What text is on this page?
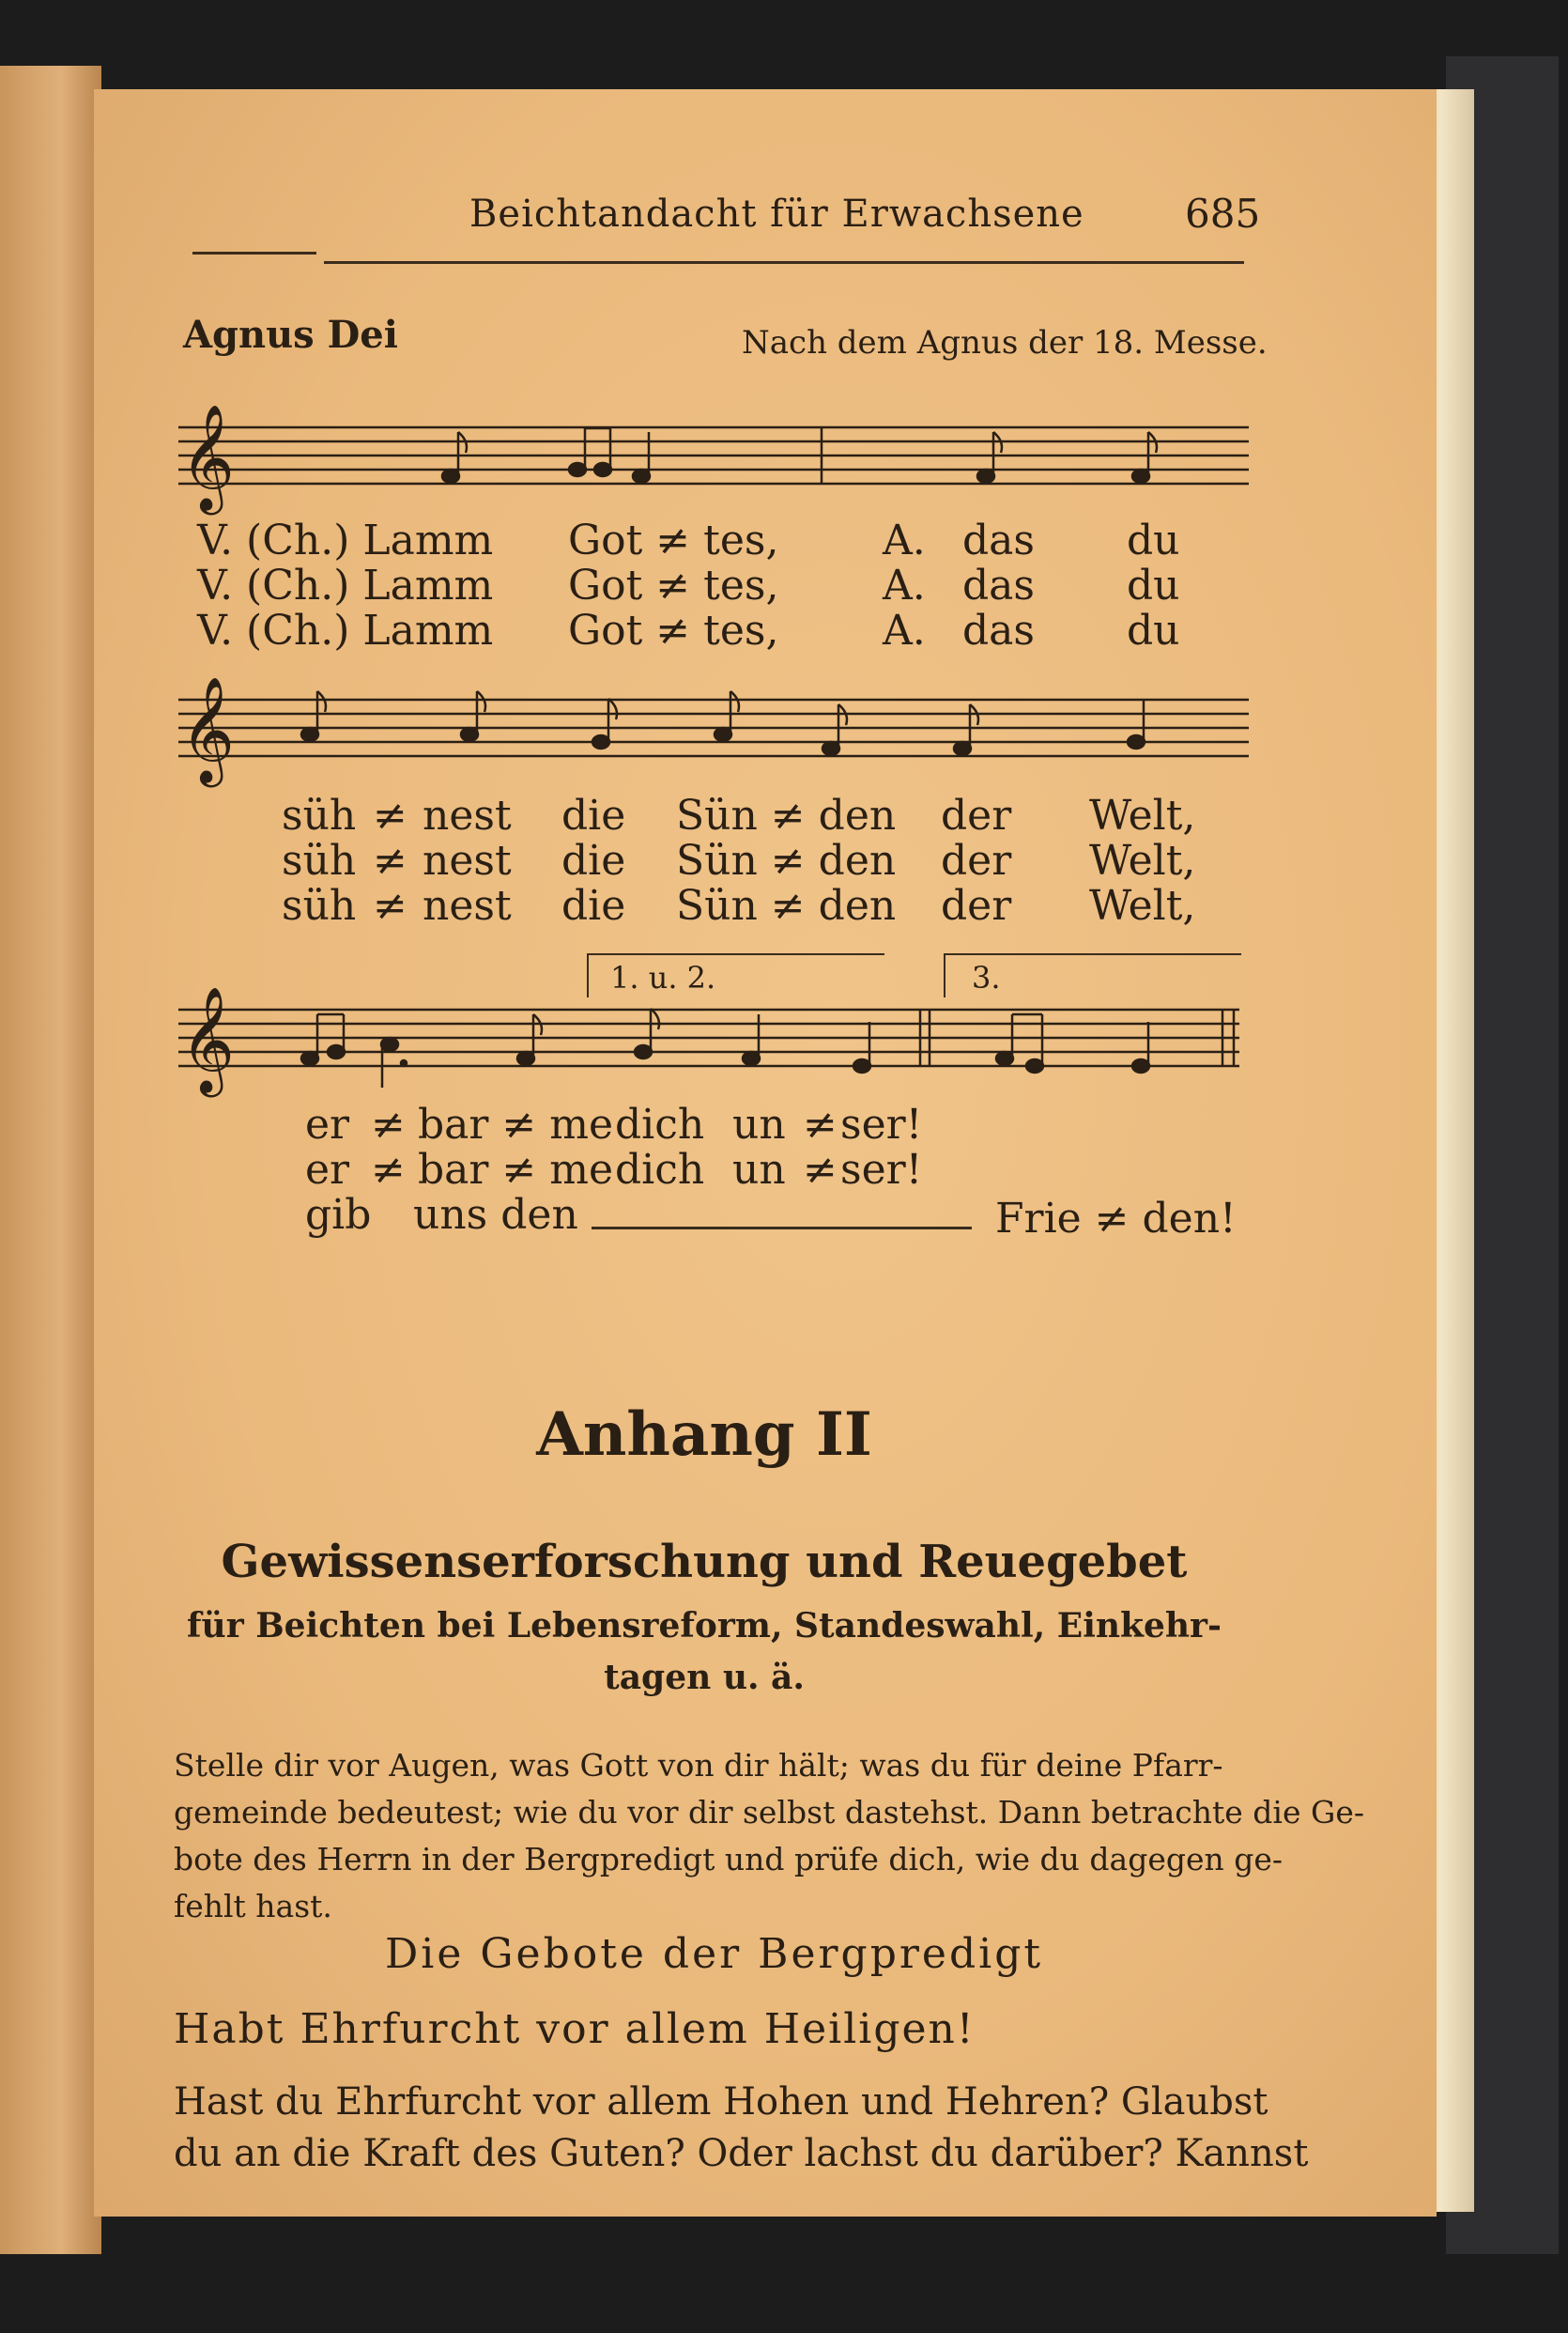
Beichtandacht für Erwachsene	685
Agnus Dei	Nach dem Agnus der 18. Messe.
𝄞
V. (Ch.) Lamm Got ≠ tes,	A. das du
V. (Ch.) Lamm Got ≠ tes,	A. das du
V. (Ch.) Lamm Got ≠ tes,	A. das du
𝄞
süh ≠ nest die Sün ≠ den der Welt,
süh ≠ nest die Sün ≠ den der Welt,
süh ≠ nest die Sün ≠ den der Welt,
1. u. 2.	3.
𝄞
er ≠ bar ≠ me dich un ≠ ser!
er ≠ bar ≠ me dich un ≠ ser!
gib uns den	Frie ≠ den!
Anhang II
Gewissenserforschung und Reuegebet
für Beichten bei Lebensreform, Standeswahl, Einkehr-
tagen u. ä.
Stelle dir vor Augen, was Gott von dir hält; was du für deine Pfarr-
gemeinde bedeutest; wie du vor dir selbst dastehst. Dann betrachte die Ge-
bote des Herrn in der Bergpredigt und prüfe dich, wie du dagegen ge-
fehlt hast.
Die Gebote der Bergpredigt
Habt Ehrfurcht vor allem Heiligen!
Hast du Ehrfurcht vor allem Hohen und Hehren? Glaubst
du an die Kraft des Guten? Oder lachst du darüber? Kannst
